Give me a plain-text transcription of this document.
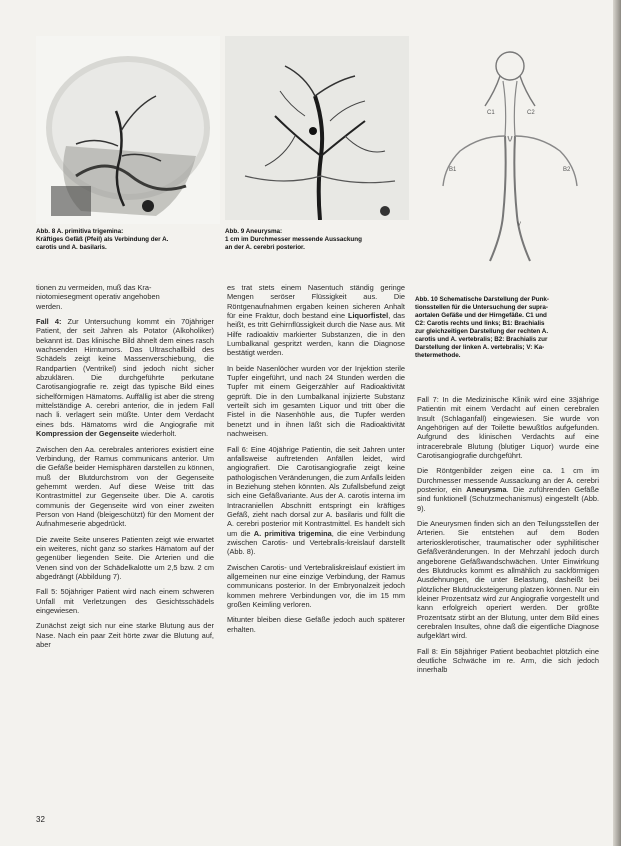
Abb. 8 A. primitiva trigemina:
Kräftiges Gefäß (Pfeil) als Verbindung der A.
carotis und A. basilaris.
Abb. 9 Aneurysma:
1 cm im Durchmesser messende Aussackung
an der A. cerebri posterior.
C1	C2
B1	B2
V
Abb. 10 Schematische Darstellung der Punk-
tionsstellen für die Untersuchung der supra-
aortalen Gefäße und der Hirngefäße. C1 und
C2: Carotis rechts und links; B1: Brachialis
zur gleichzeitigen Darstellung der rechten A.
carotis und A. vertebralis; B2: Brachialis zur
Darstellung der linken A. vertebralis; V: Ka-
thetermethode.

tionen zu vermeiden, muß das Kra-
niotomiesegment operativ angehoben
werden.

Fall 4: Zur Untersuchung kommt ein 70jähriger Patient, der seit Jahren als Potator (Alkoholiker) bekannt ist. Das klinische Bild ähnelt dem eines rasch wachsenden Hirntumors. Das Ultraschallbild des Schädels zeigt keine Massenverschiebung, die Randpartien (Ventrikel) sind jedoch nicht sicher abzuklären. Die durchgeführte perkutane Carotisangiografie re. zeigt das typische Bild eines sichelförmigen Hämatoms. Auffällig ist aber die streng mittelständige A. cerebri anterior, die in jedem Fall nach li. verlagert sein müßte. Unter dem Verdacht eines bds. Hämatoms wird die Angiografie mit Kompression der Gegenseite wiederholt.

Zwischen den Aa. cerebrales anteriores existiert eine Verbindung, der Ramus communicans anterior. Um die Gefäße beider Hemisphären darstellen zu können, muß der Blutdurchstrom von der Gegenseite gehemmt werden. Auf diese Weise tritt das Kontrastmittel zur Gegenseite über. Die A. carotis communis der Gegenseite wird von einer zweiten Person von Hand (bleigeschützt) für den Moment der Aufnahmeserie abgedrückt.

Die zweite Seite unseres Patienten zeigt wie erwartet ein weiteres, nicht ganz so starkes Hämatom auf der gegenüber liegenden Seite. Die Arterien und die Venen sind von der Schädelkalotte um 2,5 bzw. 2 cm abgedrängt (Abbildung 7).

Fall 5: 50jähriger Patient wird nach einem schweren Unfall mit Verletzungen des Gesichtsschädels eingewiesen.

Zunächst zeigt sich nur eine starke Blutung aus der Nase. Nach ein paar Zeit hörte zwar die Blutung auf, aber

es trat stets einem Nasentuch ständig geringe Mengen seröser Flüssigkeit aus. Die Röntgenaufnahmen ergaben keinen sicheren Anhalt für eine Fraktur, doch bestand eine Liquorfistel, das heißt, es tritt Gehirnflüssigkeit durch die Nase aus. Mit Hilfe radioaktiv markierter Substanzen, die in den Lumbalkanal gespritzt werden, kann die Diagnose bestätigt werden.

In beide Nasenlöcher wurden vor der Injektion sterile Tupfer eingeführt, und nach 24 Stunden werden die Tupfer mit einem Geigerzähler auf Radioaktivität geprüft. Die in den Lumbalkanal injizierte Substanz verteilt sich im gesamten Liquor und tritt über die Fistel in die Nasenhöhle aus, die Tupfer werden benetzt und in ihnen läßt sich die Radioaktivität nachweisen.

Fall 6: Eine 40jährige Patientin, die seit Jahren unter anfallsweise auftretenden Anfällen leidet, wird angiografiert. Die Carotisangiografie zeigt keine pathologischen Veränderungen, die zum Anfalls leiden in Beziehung stehen könnten. Als Zufallsbefund zeigt sich eine Gefäßvariante. Aus der A. carotis interna im Intracraniellen Abschnitt entspringt ein kräftiges Gefäß, zieht nach dorsal zur A. basilaris und füllt die A. cerebri posterior mit Kontrastmittel. Es handelt sich um die A. primitiva trigemina, die eine Verbindung zwischen Carotis- und Vertebralis-kreislauf darstellt (Abb. 8).

Zwischen Carotis- und Vertebraliskreislauf existiert im allgemeinen nur eine einzige Verbindung, der Ramus communicans posterior. In der Embryonalzeit jedoch kommen mehrere Verbindungen vor, die im 15 mm großen Keimling verloren.

Mitunter bleiben diese Gefäße jedoch auch späterer erhalten.

Fall 7: In die Medizinische Klinik wird eine 33jährige Patientin mit einem Verdacht auf einen cerebralen Insult (Schlaganfall) eingewiesen. Sie wurde von Angehörigen auf der Toilette bewußtlos aufgefunden. Aufgrund des klinischen Verdachts auf eine intracerebrale Blutung (blutiger Liquor) wurde eine Carotisangiografie durchgeführt.

Die Röntgenbilder zeigen eine ca. 1 cm im Durchmesser messende Aussackung an der A. cerebri posterior, ein Aneurysma. Die zuführenden Gefäße sind funktionell (Schutzmechanismus) eingestellt (Abb. 9).

Die Aneurysmen finden sich an den Teilungsstellen der Arterien. Sie entstehen auf dem Boden arteriosklerotischer, traumatischer oder syphilitischer Gefäßveränderungen. In der Mehrzahl jedoch durch angeborene Gefäßwandschwächen. Unter Einwirkung des Blutdrucks kommt es allmählich zu sackförmigen Ausdehnungen, die unter Belastung, dasheißt bei plötzlicher Blutdrucksteigerung platzen können. Nur ein kleiner Prozentsatz wird zur Angiografie vorgestellt und kann erfolgreich operiert werden. Der größte Prozentsatz stirbt an der Blutung, unter dem Bild eines cerebralen Insultes, ohne daß die eigentliche Diagnose aufgeklärt wird.

Fall 8: Ein 58jähriger Patient beobachtet plötzlich eine deutliche Schwäche im re. Arm, die sich jedoch innerhalb

32
